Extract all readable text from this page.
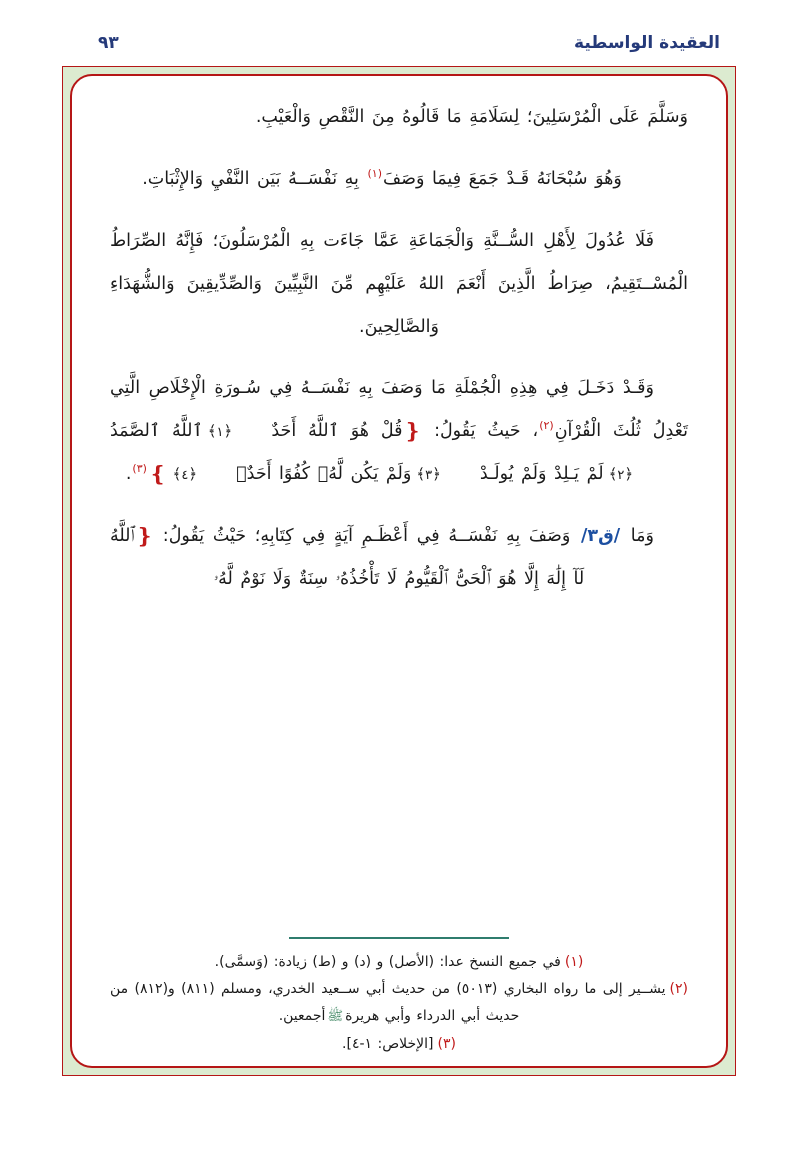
٩٣	العقيدة الواسطية

وَسَلَّمَ عَلَى الْمُرْسَلِينَ؛ لِسَلَامَةِ مَا قَالُوهُ مِنَ النَّقْصِ وَالْعَيْبِ.

وَهُوَ سُبْحَانَهُ قَـدْ جَمَعَ فِيمَا وَصَفَ$^{(١)}$ بِهِ نَفْسَــهُ بَيَن النَّفْيِ وَالإِثْبَاتِ.

فَلَا عُدُولَ لِأَهْلِ السُّــنَّةِ وَالْجَمَاعَةِ عَمَّا جَاءَت بِهِ الْمُرْسَلُونَ؛ فَإِنَّهُ الصِّرَاطُ الْمُسْــتَقِيمُ، صِرَاطُ الَّذِينَ أَنْعَمَ اللهُ عَلَيْهِم مِّنَ النَّبِيِّينَ وَالصِّدِّيقِينَ وَالشُّهَدَاءِ وَالصَّالِحِينَ.

وَقَـدْ دَخَـلَ فِي هِذِهِ الْجُمْلَةِ مَا وَصَفَ بِهِ نَفْسَــهُ فِي سُـورَةِ الْإِخْلَاصِ الَّتِي تَعْدِلُ ثُلُثَ الْقُرْآنِ$^{(٢)}$، حَيثُ يَقُولُ: ❴قُلْ هُوَ ٱللَّهُ أَحَدٌ﴿ ١ ﴾ٱللَّهُ ٱلصَّمَدُ﴿ ٢ ﴾لَمْ يَـلِدْ وَلَمْ يُولَـدْ﴿ ٣ ﴾وَلَمْ يَكُن لَّهُۥ كُفُوًا أَحَدٌۢ﴿ ٤ ﴾❵$^{(٣)}$.

وَمَا /ق٣/ وَصَفَ بِهِ نَفْسَــهُ فِي أَعْظَـمِ آيَةٍ فِي كِتَابِهِ؛ حَيْثُ يَقُولُ: ❴ٱللَّهُ لَآ إِلَٰهَ إِلَّا هُوَ ٱلْحَىُّ ٱلْقَيُّومُ لَا تَأْخُذُهُۥ سِنَةٌ وَلَا نَوْمٌ لَّهُۥ

(١)في جميع النسخ عدا: (الأصل) و (د) و (ط) زيادة: (وَسمَّى).

(٢)يشــير إلى ما رواه البخاري (٥٠١٣) من حديث أبي ســعيد الخدري، ومسلم (٨١١) و(٨١٢) من حديث أبي الدرداء وأبي هريرةﷺأجمعين.

(٣)[الإخلاص: ١-٤].
